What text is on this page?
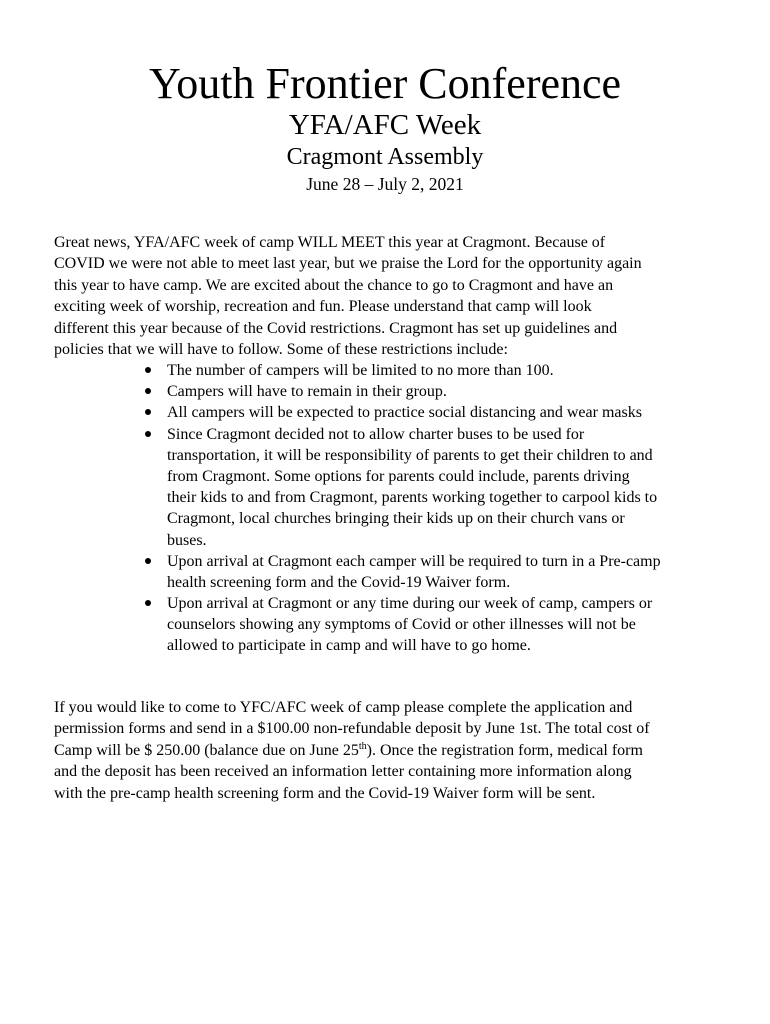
Youth Frontier Conference
YFA/AFC Week
Cragmont Assembly
June 28 – July 2, 2021
Great news, YFA/AFC week of camp WILL MEET this year at Cragmont. Because of
COVID we were not able to meet last year, but we praise the Lord for the opportunity again
this year to have camp. We are excited about the chance to go to Cragmont and have an
exciting week of worship, recreation and fun. Please understand that camp will look
different this year because of the Covid restrictions. Cragmont has set up guidelines and
policies that we will have to follow. Some of these restrictions include:
The number of campers will be limited to no more than 100.
Campers will have to remain in their group.
All campers will be expected to practice social distancing and wear masks
Since Cragmont decided not to allow charter buses to be used for
transportation, it will be responsibility of parents to get their children to and
from Cragmont. Some options for parents could include, parents driving
their kids to and from Cragmont, parents working together to carpool kids to
Cragmont, local churches bringing their kids up on their church vans or
buses.
Upon arrival at Cragmont each camper will be required to turn in a Pre-camp
health screening form and the Covid-19 Waiver form.
Upon arrival at Cragmont or any time during our week of camp, campers or
counselors showing any symptoms of Covid or other illnesses will not be
allowed to participate in camp and will have to go home.
If you would like to come to YFC/AFC week of camp please complete the application and
permission forms and send in a $100.00 non-refundable deposit by June 1st. The total cost of
Camp will be $ 250.00 (balance due on June 25th). Once the registration form, medical form
and the deposit has been received an information letter containing more information along
with the pre-camp health screening form and the Covid-19 Waiver form will be sent.
